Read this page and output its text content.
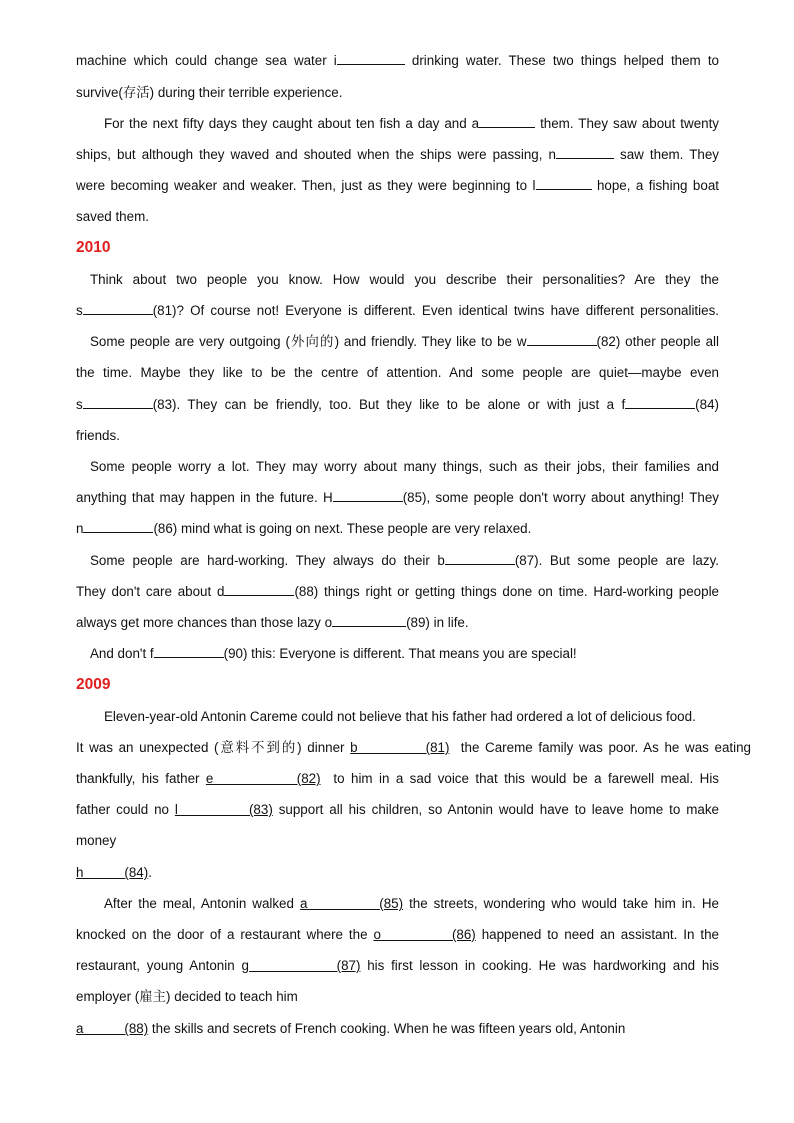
machine which could change sea water i	drinking water. These two things helped them to
survive(存活) during their terrible experience.
For the next fifty days they caught about ten fish a day and a	them. They saw about twenty
ships, but although they waved and shouted when the ships were passing, n	saw them. They
were becoming weaker and weaker. Then, just as they were beginning to l	hope, a fishing boat
saved them.
2010
Think about two people you know. How would you describe their personalities? Are they the
s	(81)? Of course not! Everyone is different. Even identical twins have different personalities.
Some people are very outgoing (外向的) and friendly. They like to be w	(82) other people all
the time. Maybe they like to be the centre of attention. And some people are quiet—maybe even
s	(83). They can be friendly, too. But they like to be alone or with just a f	(84)
friends.
Some people worry a lot. They may worry about many things, such as their jobs, their families and
anything that may happen in the future. H	(85), some people don't worry about anything! They
n	(86) mind what is going on next. These people are very relaxed.
Some people are hard-working. They always do their b	(87). But some people are lazy.
They don't care about d	(88) things right or getting things done on time. Hard-working people
always get more chances than those lazy o	(89) in life.
And don't f	(90) this: Everyone is different. That means you are special!
2009
Eleven-year-old Antonin Careme could not believe that his father had ordered a lot of delicious food.
It was an unexpected (意料不到的) dinner b            (81)  the Careme family was poor. As he was eating
thankfully, his father e             (82)  to him in a sad voice that this would be a farewell meal. His
father could no l            (83) support all his children, so Antonin would have to leave home to make
money
h           (84).
After the meal, Antonin walked a            (85) the streets, wondering who would take him in. He
knocked on the door of a restaurant where the o            (86) happened to need an assistant. In the
restaurant, young Antonin g             (87) his first lesson in cooking. He was hardworking and his
employer (雇主) decided to teach him
a           (88) the skills and secrets of French cooking. When he was fifteen years old, Antonin
